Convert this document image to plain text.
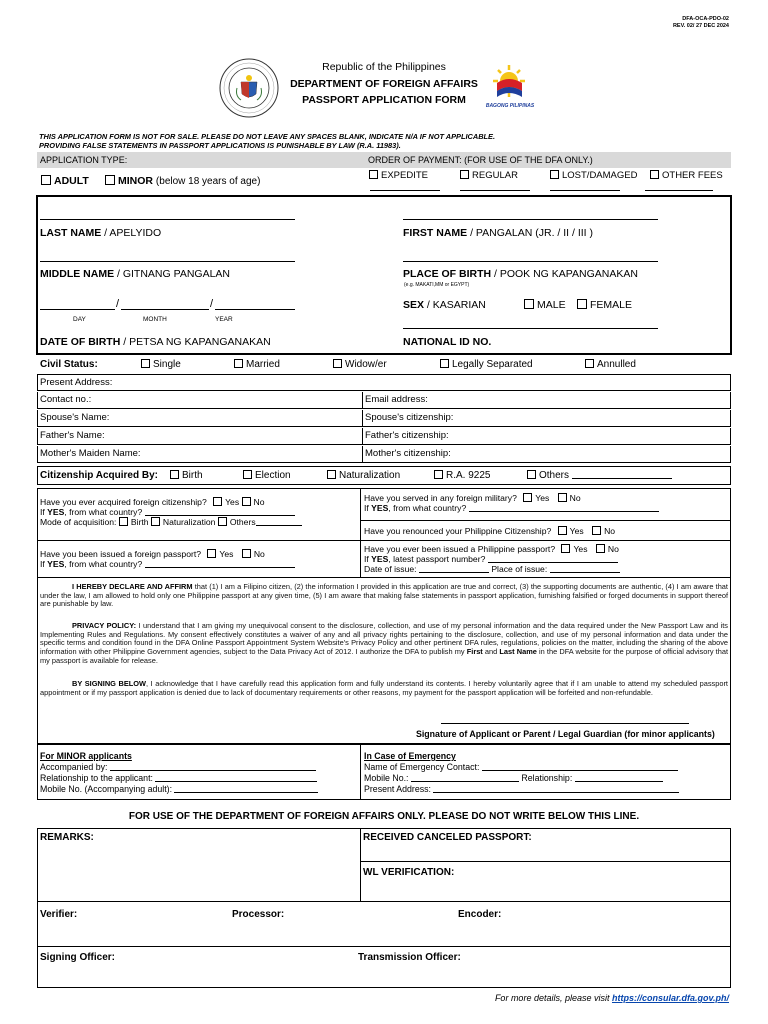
DFA-OCA-PDO-02
REV. 02/ 27 DEC 2024
Republic of the Philippines
DEPARTMENT OF FOREIGN AFFAIRS
PASSPORT APPLICATION FORM	BAGONG PILIPINAS
THIS APPLICATION FORM IS NOT FOR SALE. PLEASE DO NOT LEAVE ANY SPACES BLANK, INDICATE N/A IF NOT APPLICABLE.
PROVIDING FALSE STATEMENTS IN PASSPORT APPLICATIONS IS PUNISHABLE BY LAW (R.A. 11983).
APPLICATION TYPE:	ORDER OF PAYMENT: (FOR USE OF THE DFA ONLY.)
ADULT	MINOR (below 18 years of age)
EXPEDITE	REGULAR	LOST/DAMAGED	OTHER FEES
LAST NAME / APELYIDO	FIRST NAME / PANGALAN (JR. / II / III )
MIDDLE NAME / GITNANG PANGALAN	PLACE OF BIRTH / POOK NG KAPANGANAKAN
(e.g. MAKATI,MM or EGYPT)
/	/
DAY	MONTH	YEAR
SEX / KASARIAN	MALE	FEMALE
DATE OF BIRTH / PETSA NG KAPANGANAKAN	NATIONAL ID NO.
Civil Status:	Single	Married	Widow/er	Legally Separated	Annulled
Present Address:
Contact no.:	Email address:
Spouse's Name:	Spouse's citizenship:
Father's Name:	Father's citizenship:
Mother's Maiden Name:	Mother's citizenship:
Citizenship Acquired By:	Birth	Election	Naturalization	R.A. 9225	Others
Have you ever acquired foreign citizenship? Yes No
If YES, from what country?
Mode of acquisition: Birth Naturalization Others
Have you served in any foreign military? Yes No
If YES, from what country?
Have you renounced your Philippine Citizenship? Yes No
Have you been issued a foreign passport? Yes No
If YES, from what country?
Have you ever been issued a Philippine passport? Yes No
If YES, latest passport number?
Date of issue:	Place of issue:
I HEREBY DECLARE AND AFFIRM that (1) I am a Filipino citizen, (2) the information I provided in this application are true and correct, (3) the supporting documents are authentic, (4) I am aware that under the law, I am allowed to hold only one Philippine passport at any given time, (5) I am aware that making false statements in passport application, furnishing falsified or forged documents in support thereof are punishable by law.
PRIVACY POLICY: I understand that I am giving my unequivocal consent to the disclosure, collection, and use of my personal information and the data required under the New Passport Law and its Implementing Rules and Regulations. My consent effectively constitutes a waiver of any and all privacy rights pertaining to the disclosure, collection, and use of my personal information and data under the specific terms and condition found in the DFA Online Passport Appointment System Website's Privacy Policy and other pertinent DFA rules, regulations, policies on the matter, including the sharing of the above information with other Philippine Government agencies, subject to the Data Privacy Act of 2012. I authorize the DFA to publish my First and Last Name in the DFA website for the purpose of official advisory that my passport is available for release.
BY SIGNING BELOW, I acknowledge that I have carefully read this application form and fully understand its contents. I hereby voluntarily agree that if I am unable to attend my scheduled passport appointment or if my passport application is denied due to lack of documentary requirements or other reasons, my payment for the passport application will be forfeited and non-refundable.
Signature of Applicant or Parent / Legal Guardian (for minor applicants)
For MINOR applicants
Accompanied by:
Relationship to the applicant:
Mobile No. (Accompanying adult):
In Case of Emergency
Name of Emergency Contact:
Mobile No.:	Relationship:
Present Address:
FOR USE OF THE DEPARTMENT OF FOREIGN AFFAIRS ONLY. PLEASE DO NOT WRITE BELOW THIS LINE.
REMARKS:	RECEIVED CANCELED PASSPORT:
WL VERIFICATION:
Verifier:	Processor:	Encoder:
Signing Officer:	Transmission Officer:
For more details, please visit https://consular.dfa.gov.ph/
